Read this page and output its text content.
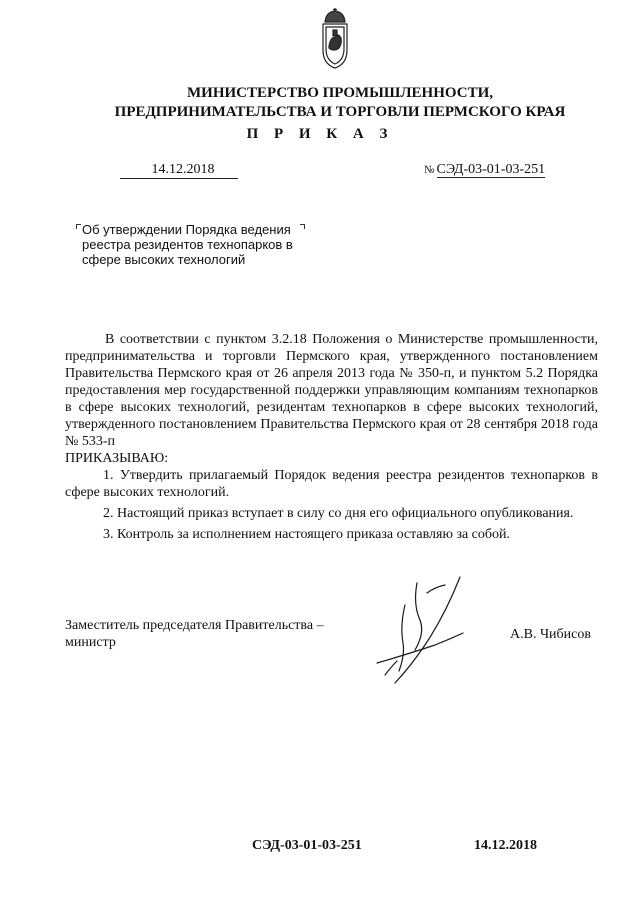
МИНИСТЕРСТВО ПРОМЫШЛЕННОСТИ,
ПРЕДПРИНИМАТЕЛЬСТВА И ТОРГОВЛИ ПЕРМСКОГО КРАЯ
П Р И К А З
14.12.2018	№ СЭД-03-01-03-251
Об утверждении Порядка ведения
реестра резидентов технопарков в
сфере высоких технологий

В соответствии с пунктом 3.2.18 Положения о Министерстве промышленности, предпринимательства и торговли Пермского края, утвержденного постановлением Правительства Пермского края от 26 апреля 2013 года № 350-п, и пунктом 5.2 Порядка предоставления мер государственной поддержки управляющим компаниям технопарков в сфере высоких технологий, резидентам технопарков в сфере высоких технологий, утвержденного постановлением Правительства Пермского края от 28 сентября 2018 года № 533-п

ПРИКАЗЫВАЮ:

1. Утвердить прилагаемый Порядок ведения реестра резидентов технопарков в сфере высоких технологий.

2. Настоящий приказ вступает в силу со дня его официального опубликования.

3. Контроль за исполнением настоящего приказа оставляю за собой.

Заместитель председателя Правительства –
министр
А.В. Чибисов
СЭД-03-01-03-251	14.12.2018
